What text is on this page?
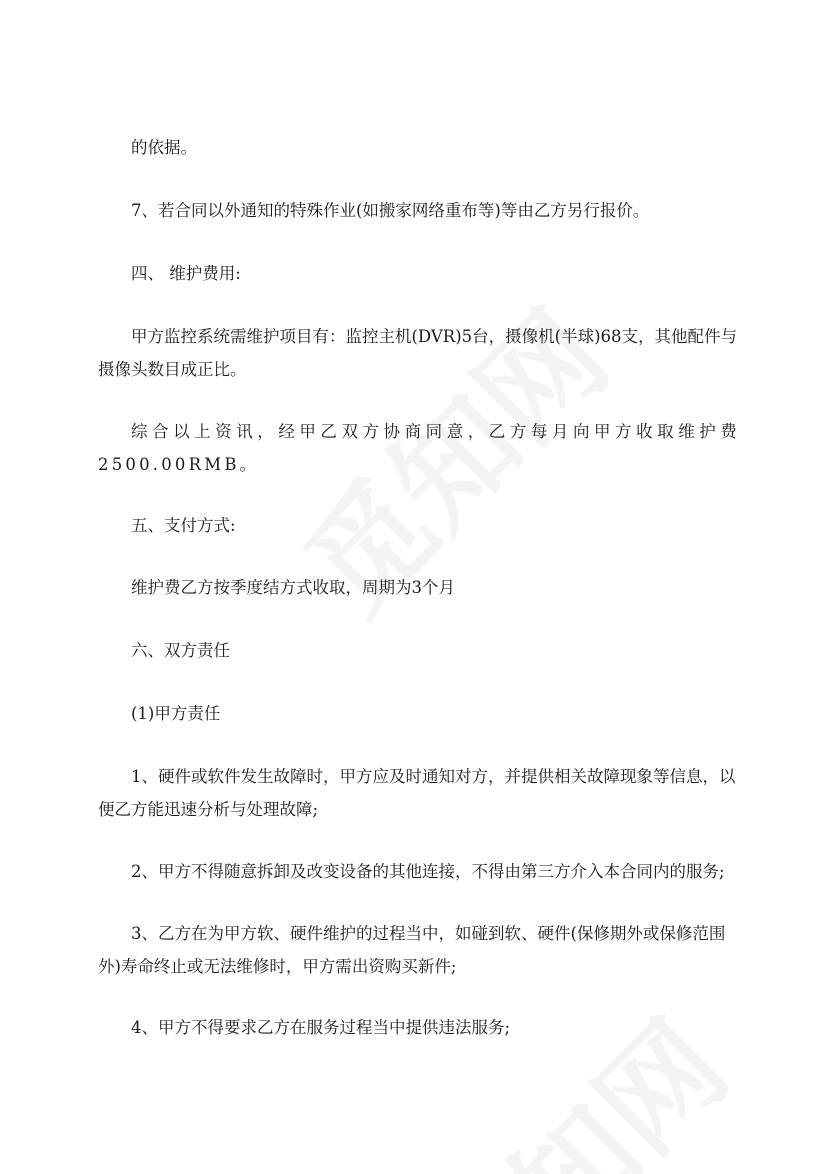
的依据。

7、若合同以外通知的特殊作业(如搬家网络重布等)等由乙方另行报价。

四、 维护费用:

甲方监控系统需维护项目有：监控主机(DVR)5台，摄像机(半球)68支，其他配件与摄像头数目成正比。

综合以上资讯，经甲乙双方协商同意，乙方每月向甲方收取维护费2500.00RMB。

五、支付方式:

维护费乙方按季度结方式收取，周期为3个月

六、双方责任

(1)甲方责任

1、硬件或软件发生故障时，甲方应及时通知对方，并提供相关故障现象等信息，以便乙方能迅速分析与处理故障;

2、甲方不得随意拆卸及改变设备的其他连接，不得由第三方介入本合同内的服务;

3、乙方在为甲方软、硬件维护的过程当中，如碰到软、硬件(保修期外或保修范围外)寿命终止或无法维修时，甲方需出资购买新件;

4、甲方不得要求乙方在服务过程当中提供违法服务;
